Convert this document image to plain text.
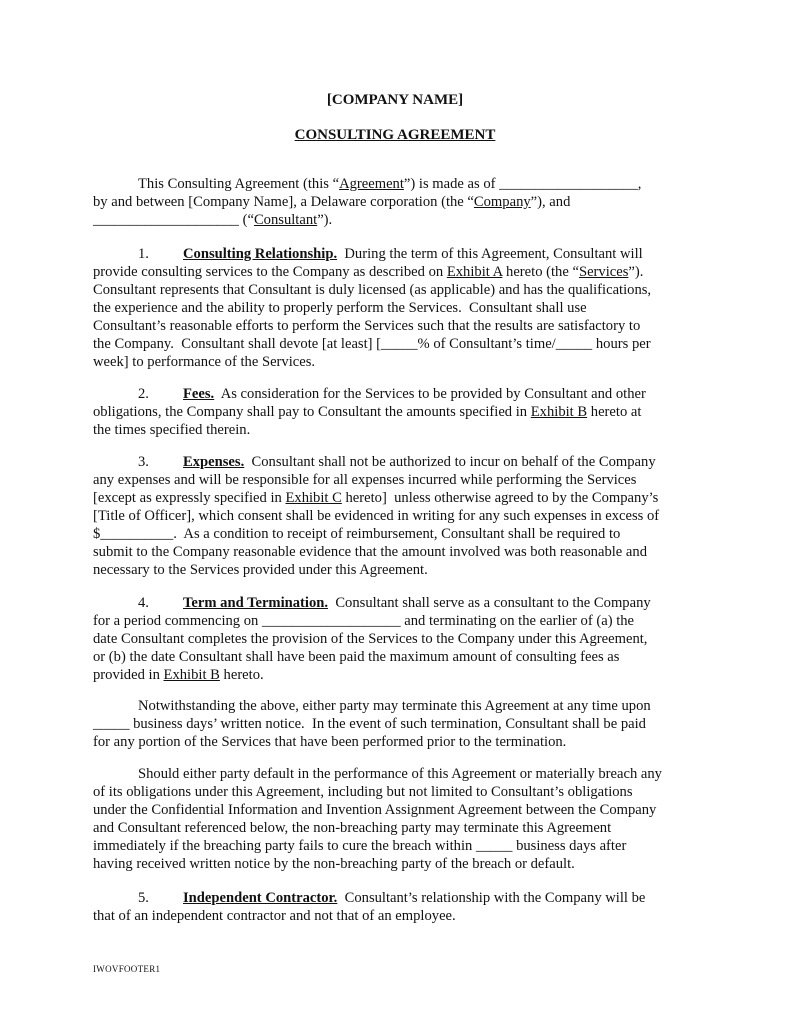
[COMPANY NAME]
CONSULTING AGREEMENT
This Consulting Agreement (this “Agreement”) is made as of ___________________,
by and between [Company Name], a Delaware corporation (the “Company”), and
____________________ (“Consultant”).
1. Consulting Relationship.  During the term of this Agreement, Consultant will
provide consulting services to the Company as described on Exhibit A hereto (the “Services”).
Consultant represents that Consultant is duly licensed (as applicable) and has the qualifications,
the experience and the ability to properly perform the Services.  Consultant shall use
Consultant’s reasonable efforts to perform the Services such that the results are satisfactory to
the Company.  Consultant shall devote [at least] [_____% of Consultant’s time/_____ hours per
week] to performance of the Services.
2. Fees.  As consideration for the Services to be provided by Consultant and other
obligations, the Company shall pay to Consultant the amounts specified in Exhibit B hereto at
the times specified therein.
3. Expenses.  Consultant shall not be authorized to incur on behalf of the Company
any expenses and will be responsible for all expenses incurred while performing the Services
[except as expressly specified in Exhibit C hereto]  unless otherwise agreed to by the Company’s
[Title of Officer], which consent shall be evidenced in writing for any such expenses in excess of
$__________.  As a condition to receipt of reimbursement, Consultant shall be required to
submit to the Company reasonable evidence that the amount involved was both reasonable and
necessary to the Services provided under this Agreement.
4. Term and Termination.  Consultant shall serve as a consultant to the Company
for a period commencing on ___________________ and terminating on the earlier of (a) the
date Consultant completes the provision of the Services to the Company under this Agreement,
or (b) the date Consultant shall have been paid the maximum amount of consulting fees as
provided in Exhibit B hereto.
Notwithstanding the above, either party may terminate this Agreement at any time upon
_____ business days’ written notice.  In the event of such termination, Consultant shall be paid
for any portion of the Services that have been performed prior to the termination.
Should either party default in the performance of this Agreement or materially breach any
of its obligations under this Agreement, including but not limited to Consultant’s obligations
under the Confidential Information and Invention Assignment Agreement between the Company
and Consultant referenced below, the non-breaching party may terminate this Agreement
immediately if the breaching party fails to cure the breach within _____ business days after
having received written notice by the non-breaching party of the breach or default.
5. Independent Contractor.  Consultant’s relationship with the Company will be
that of an independent contractor and not that of an employee.
IWOVFOOTER1
